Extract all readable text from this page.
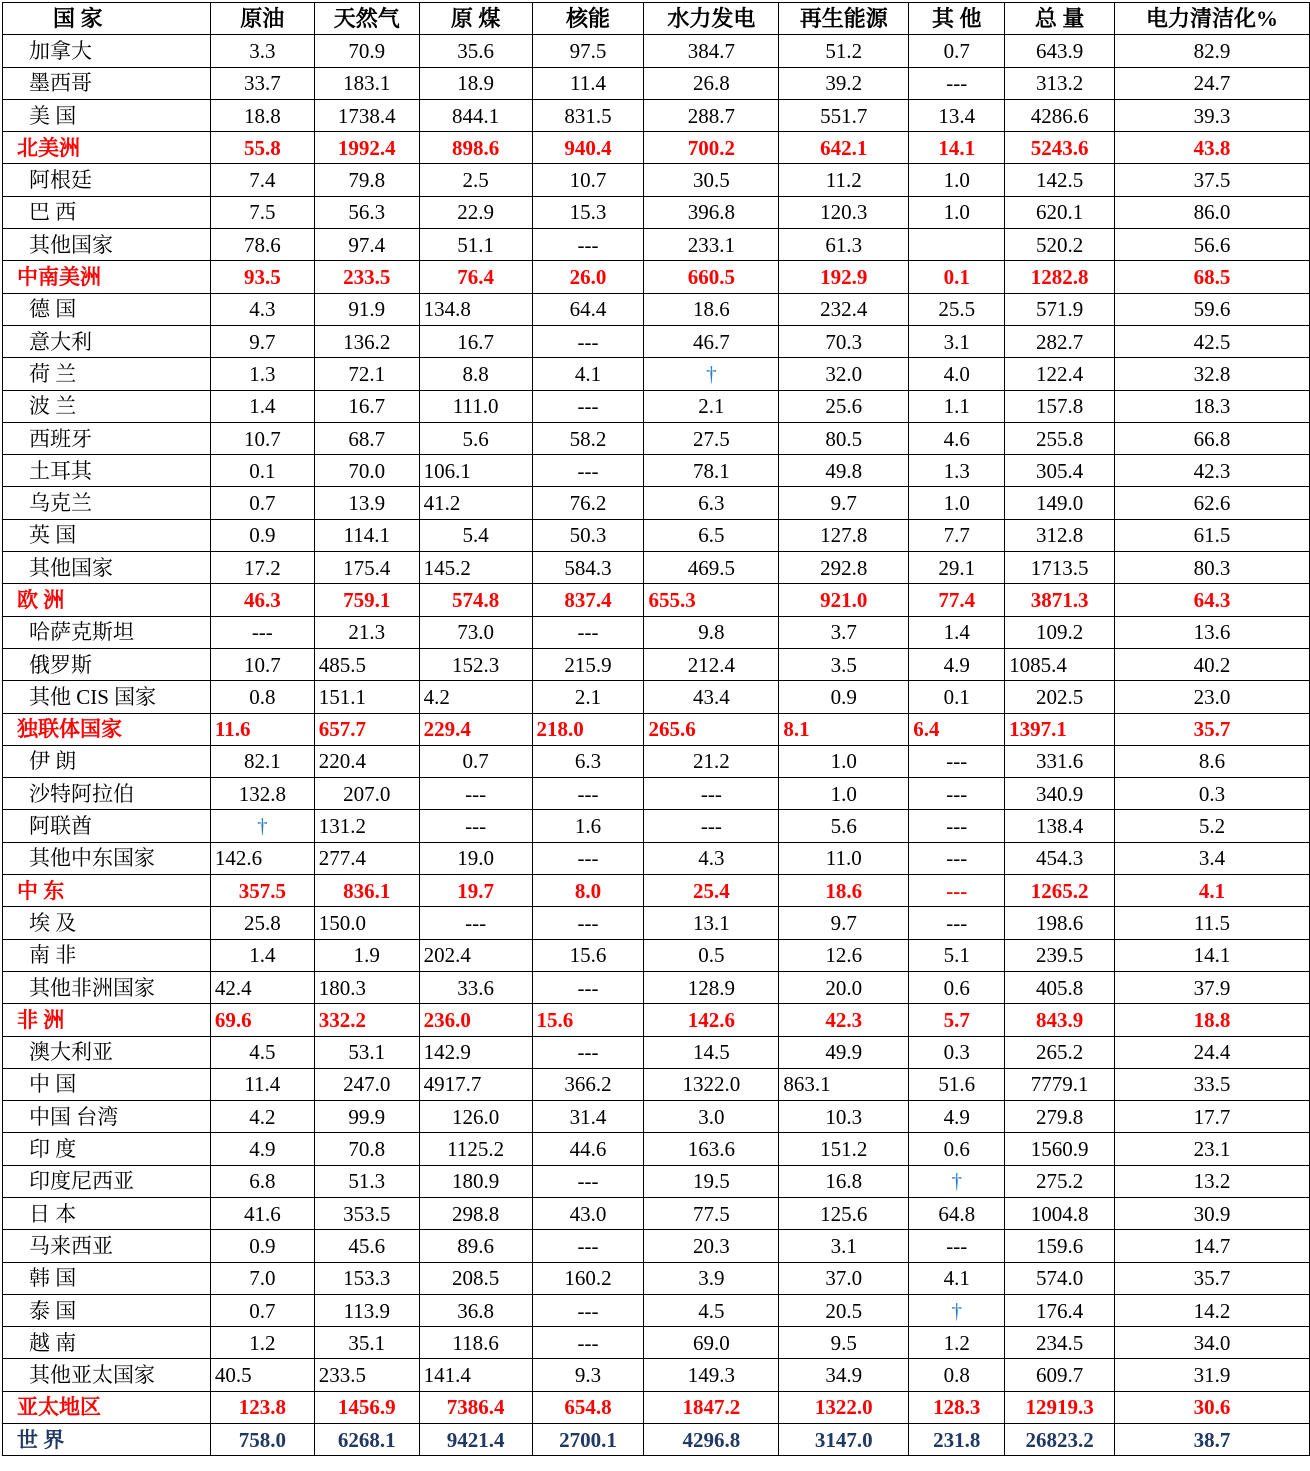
国 家	原油	天然气	原 煤	核能	水力发电	再生能源	其 他	总 量	电力清洁化%
加拿大	3.3	70.9	35.6	97.5	384.7	51.2	0.7	643.9	82.9
墨西哥	33.7	183.1	18.9	11.4	26.8	39.2	---	313.2	24.7
美 国	18.8	1738.4	844.1	831.5	288.7	551.7	13.4	4286.6	39.3
北美洲	55.8	1992.4	898.6	940.4	700.2	642.1	14.1	5243.6	43.8
阿根廷	7.4	79.8	2.5	10.7	30.5	11.2	1.0	142.5	37.5
巴 西	7.5	56.3	22.9	15.3	396.8	120.3	1.0	620.1	86.0
其他国家	78.6	97.4	51.1	---	233.1	61.3		520.2	56.6
中南美洲	93.5	233.5	76.4	26.0	660.5	192.9	0.1	1282.8	68.5
德 国	4.3	91.9	134.8	64.4	18.6	232.4	25.5	571.9	59.6
意大利	9.7	136.2	16.7	---	46.7	70.3	3.1	282.7	42.5
荷 兰	1.3	72.1	8.8	4.1	†	32.0	4.0	122.4	32.8
波 兰	1.4	16.7	111.0	---	2.1	25.6	1.1	157.8	18.3
西班牙	10.7	68.7	5.6	58.2	27.5	80.5	4.6	255.8	66.8
土耳其	0.1	70.0	106.1	---	78.1	49.8	1.3	305.4	42.3
乌克兰	0.7	13.9	41.2	76.2	6.3	9.7	1.0	149.0	62.6
英 国	0.9	114.1	5.4	50.3	6.5	127.8	7.7	312.8	61.5
其他国家	17.2	175.4	145.2	584.3	469.5	292.8	29.1	1713.5	80.3
欧 洲	46.3	759.1	574.8	837.4	655.3	921.0	77.4	3871.3	64.3
哈萨克斯坦	---	21.3	73.0	---	9.8	3.7	1.4	109.2	13.6
俄罗斯	10.7	485.5	152.3	215.9	212.4	3.5	4.9	1085.4	40.2
其他 CIS 国家	0.8	151.1	4.2	2.1	43.4	0.9	0.1	202.5	23.0
独联体国家	11.6	657.7	229.4	218.0	265.6	8.1	6.4	1397.1	35.7
伊 朗	82.1	220.4	0.7	6.3	21.2	1.0	---	331.6	8.6
沙特阿拉伯	132.8	207.0	---	---	---	1.0	---	340.9	0.3
阿联酋	†	131.2	---	1.6	---	5.6	---	138.4	5.2
其他中东国家	142.6	277.4	19.0	---	4.3	11.0	---	454.3	3.4
中 东	357.5	836.1	19.7	8.0	25.4	18.6	---	1265.2	4.1
埃 及	25.8	150.0	---	---	13.1	9.7	---	198.6	11.5
南 非	1.4	1.9	202.4	15.6	0.5	12.6	5.1	239.5	14.1
其他非洲国家	42.4	180.3	33.6	---	128.9	20.0	0.6	405.8	37.9
非 洲	69.6	332.2	236.0	15.6	142.6	42.3	5.7	843.9	18.8
澳大利亚	4.5	53.1	142.9	---	14.5	49.9	0.3	265.2	24.4
中 国	11.4	247.0	4917.7	366.2	1322.0	863.1	51.6	7779.1	33.5
中国 台湾	4.2	99.9	126.0	31.4	3.0	10.3	4.9	279.8	17.7
印 度	4.9	70.8	1125.2	44.6	163.6	151.2	0.6	1560.9	23.1
印度尼西亚	6.8	51.3	180.9	---	19.5	16.8	†	275.2	13.2
日 本	41.6	353.5	298.8	43.0	77.5	125.6	64.8	1004.8	30.9
马来西亚	0.9	45.6	89.6	---	20.3	3.1	---	159.6	14.7
韩 国	7.0	153.3	208.5	160.2	3.9	37.0	4.1	574.0	35.7
泰 国	0.7	113.9	36.8	---	4.5	20.5	†	176.4	14.2
越 南	1.2	35.1	118.6	---	69.0	9.5	1.2	234.5	34.0
其他亚太国家	40.5	233.5	141.4	9.3	149.3	34.9	0.8	609.7	31.9
亚太地区	123.8	1456.9	7386.4	654.8	1847.2	1322.0	128.3	12919.3	30.6
世 界	758.0	6268.1	9421.4	2700.1	4296.8	3147.0	231.8	26823.2	38.7
